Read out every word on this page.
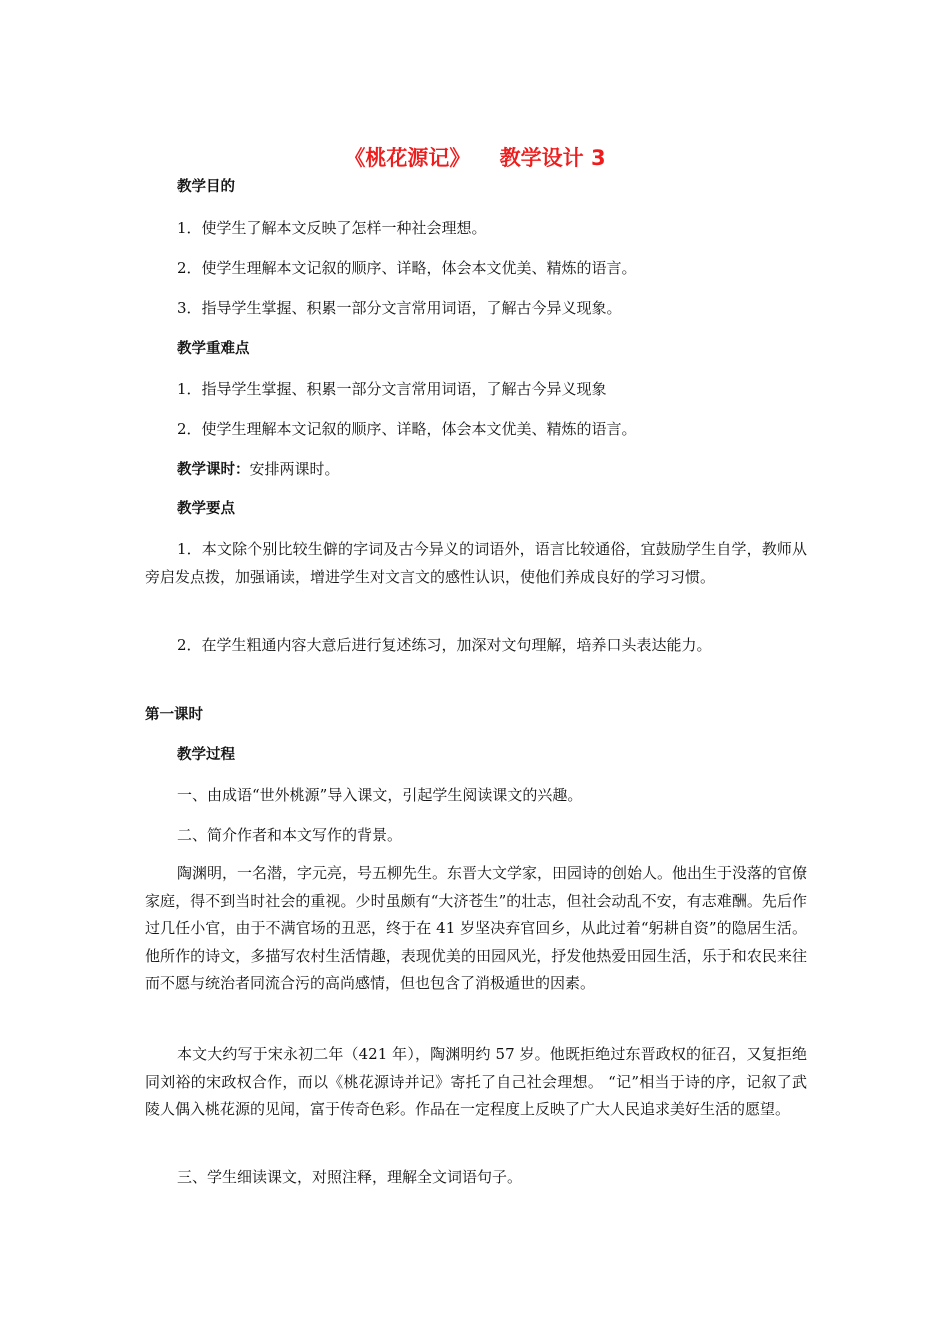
《桃花源记》    教学设计 3
教学目的
1．使学生了解本文反映了怎样一种社会理想。
2．使学生理解本文记叙的顺序、详略，体会本文优美、精炼的语言。
3．指导学生掌握、积累一部分文言常用词语，了解古今异义现象。
教学重难点
1．指导学生掌握、积累一部分文言常用词语，了解古今异义现象
2．使学生理解本文记叙的顺序、详略，体会本文优美、精炼的语言。
教学课时：安排两课时。
教学要点
1．本文除个别比较生僻的字词及古今异义的词语外，语言比较通俗，宜鼓励学生自学，教师从旁启发点拨，加强诵读，增进学生对文言文的感性认识，使他们养成良好的学习习惯。
2．在学生粗通内容大意后进行复述练习，加深对文句理解，培养口头表达能力。
第一课时
教学过程
一、由成语“世外桃源”导入课文，引起学生阅读课文的兴趣。
二、简介作者和本文写作的背景。
陶渊明，一名潜，字元亮，号五柳先生。东晋大文学家，田园诗的创始人。他出生于没落的官僚家庭，得不到当时社会的重视。少时虽颇有“大济苍生”的壮志，但社会动乱不安，有志难酬。先后作过几任小官，由于不满官场的丑恶，终于在 41 岁坚决弃官回乡，从此过着“躬耕自资”的隐居生活。他所作的诗文，多描写农村生活情趣，表现优美的田园风光，抒发他热爱田园生活，乐于和农民来往而不愿与统治者同流合污的高尚感情，但也包含了消极遁世的因素。
本文大约写于宋永初二年（421 年），陶渊明约 57 岁。他既拒绝过东晋政权的征召，又复拒绝同刘裕的宋政权合作，而以《桃花源诗并记》寄托了自己社会理想。 “记”相当于诗的序，记叙了武陵人偶入桃花源的见闻，富于传奇色彩。作品在一定程度上反映了广大人民追求美好生活的愿望。
三、学生细读课文，对照注释，理解全文词语句子。
